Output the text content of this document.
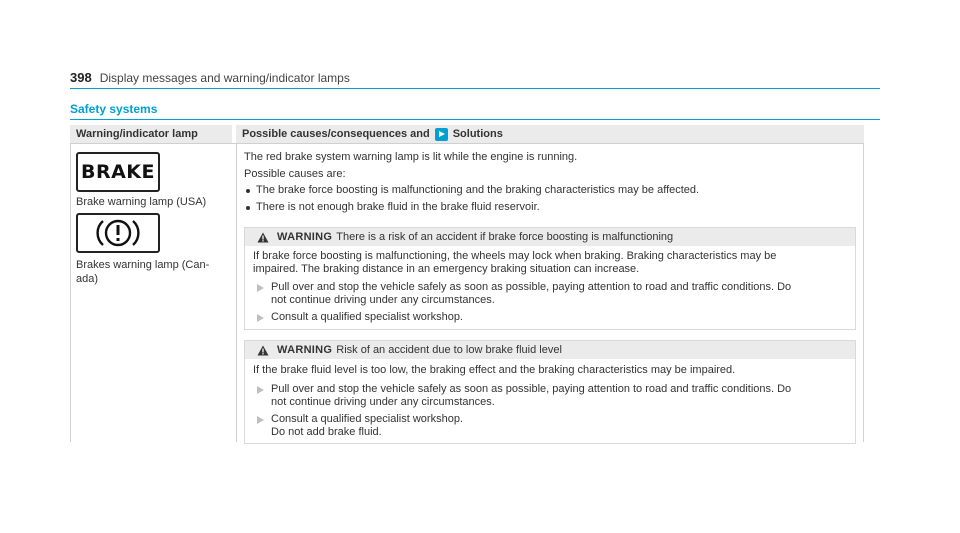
398 Display messages and warning/indicator lamps
Safety systems
Warning/indicator lamp	Possible causes/consequences and Solutions
BRAKE
Brake warning lamp (USA)
Brakes warning lamp (Can-
ada)
The red brake system warning lamp is lit while the engine is running.
Possible causes are:
The brake force boosting is malfunctioning and the braking characteristics may be affected.
There is not enough brake fluid in the brake fluid reservoir.
WARNING There is a risk of an accident if brake force boosting is malfunctioning
If brake force boosting is malfunctioning, the wheels may lock when braking. Braking characteristics may be
impaired. The braking distance in an emergency braking situation can increase.
Pull over and stop the vehicle safely as soon as possible, paying attention to road and traffic conditions. Do
not continue driving under any circumstances.
Consult a qualified specialist workshop.
WARNING Risk of an accident due to low brake fluid level
If the brake fluid level is too low, the braking effect and the braking characteristics may be impaired.
Pull over and stop the vehicle safely as soon as possible, paying attention to road and traffic conditions. Do
not continue driving under any circumstances.
Consult a qualified specialist workshop.
Do not add brake fluid.
